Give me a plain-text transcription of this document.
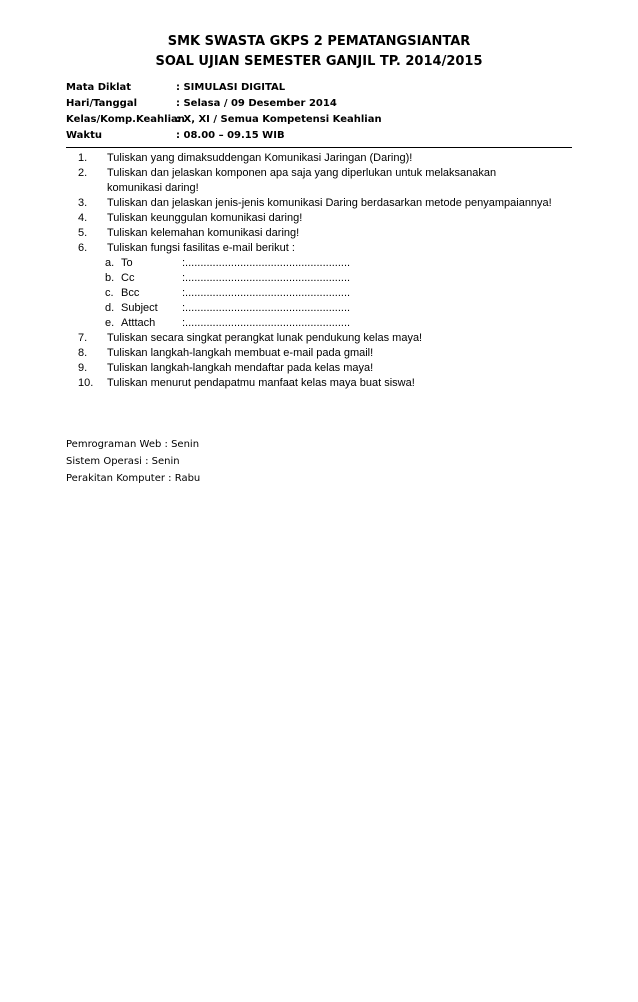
SMK SWASTA GKPS 2 PEMATANGSIANTAR
SOAL UJIAN SEMESTER GANJIL TP. 2014/2015
Mata Diklat	: SIMULASI DIGITAL
Hari/Tanggal	: Selasa / 09 Desember 2014
Kelas/Komp.Keahlian: X, XI / Semua Kompetensi Keahlian
Waktu	: 08.00 – 09.15 WIB
1.	Tuliskan yang dimaksuddengan Komunikasi Jaringan (Daring)!
2.	Tuliskan dan jelaskan komponen apa saja yang diperlukan untuk melaksanakan
komunikasi daring!
3.	Tuliskan dan jelaskan jenis-jenis komunikasi Daring berdasarkan metode penyampaiannya!
4.	Tuliskan keunggulan komunikasi daring!
5.	Tuliskan kelemahan komunikasi daring!
6.	Tuliskan fungsi fasilitas e-mail berikut :
a. To	:......................................................
b. Cc	:......................................................
c. Bcc	:......................................................
d. Subject :......................................................
e. Atttach :......................................................
7.	Tuliskan secara singkat perangkat lunak pendukung kelas maya!
8.	Tuliskan langkah-langkah membuat e-mail pada gmail!
9.	Tuliskan langkah-langkah mendaftar pada kelas maya!
10.	Tuliskan menurut pendapatmu manfaat kelas maya buat siswa!
Pemrograman Web : Senin
Sistem Operasi : Senin
Perakitan Komputer : Rabu
